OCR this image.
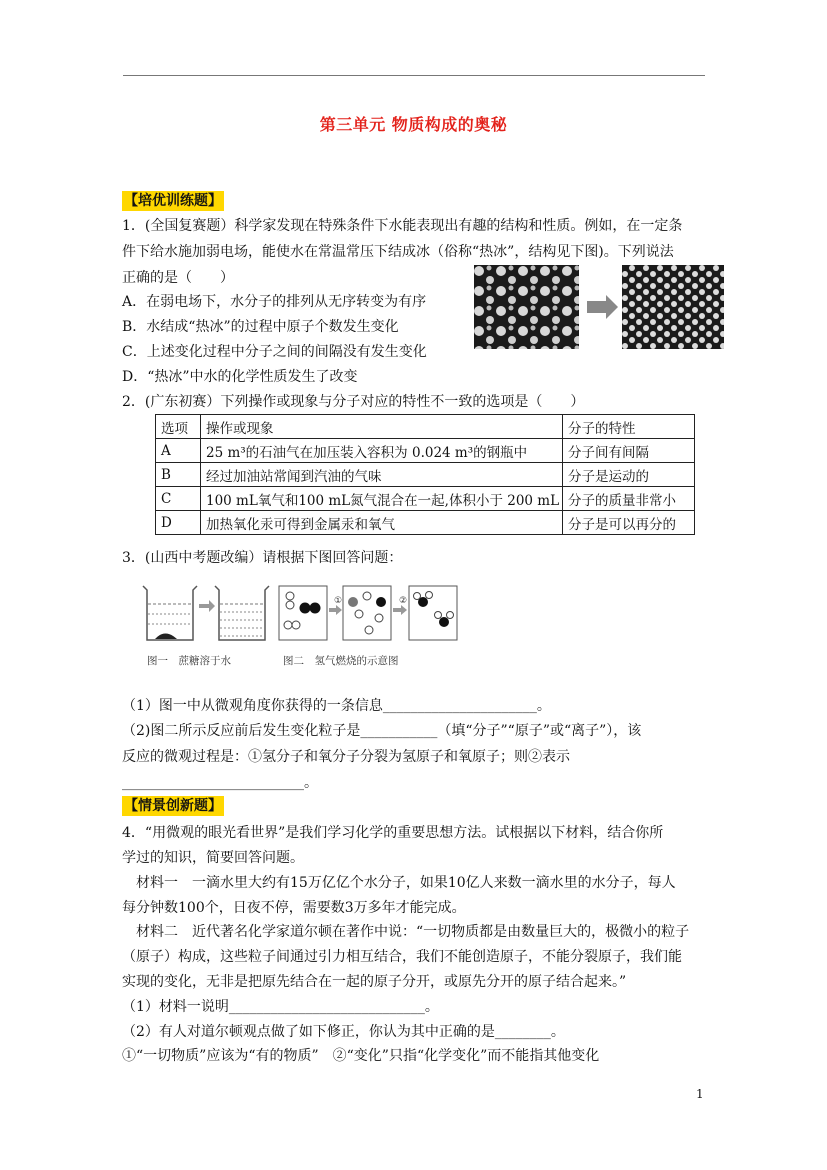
第三单元 物质构成的奥秘
【培优训练题】
1．(全国复赛题）科学家发现在特殊条件下水能表现出有趣的结构和性质。例如，在一定条
件下给水施加弱电场，能使水在常温常压下结成冰（俗称“热冰”，结构见下图)。下列说法
正确的是（　　）
A．在弱电场下，水分子的排列从无序转变为有序
B．水结成“热冰”的过程中原子个数发生变化
C．上述变化过程中分子之间的间隔没有发生变化
D．“热冰”中水的化学性质发生了改变
2．(广东初赛）下列操作或现象与分子对应的特性不一致的选项是（　　）
选项	操作或现象	分子的特性
A	25 m³的石油气在加压装入容积为 0.024 m³的钢瓶中	分子间有间隔
B	经过加油站常闻到汽油的气味	分子是运动的
C	100 mL氧气和100 mL氮气混合在一起,体积小于 200 mL	分子的质量非常小
D	加热氧化汞可得到金属汞和氧气	分子是可以再分的
3．(山西中考题改编）请根据下图回答问题：
①	②
图一　蔗糖溶于水	图二　氢气燃烧的示意图
（1）图一中从微观角度你获得的一条信息______________________。
（2)图二所示反应前后发生变化粒子是___________（填“分子”“原子”或“离子”），该
反应的微观过程是：①氢分子和氧分子分裂为氢原子和氧原子；则②表示
__________________________。
【情景创新题】
4．“用微观的眼光看世界”是我们学习化学的重要思想方法。试根据以下材料，结合你所
学过的知识，简要回答问题。
　材料一　一滴水里大约有15万亿亿个水分子，如果10亿人来数一滴水里的水分子，每人
每分钟数100个，日夜不停，需要数3万多年才能完成。
　材料二　近代著名化学家道尔顿在著作中说：“一切物质都是由数量巨大的，极微小的粒子
（原子）构成，这些粒子间通过引力相互结合，我们不能创造原子，不能分裂原子，我们能
实现的变化，无非是把原先结合在一起的原子分开，或原先分开的原子结合起来。”
（1）材料一说明____________________________。
（2）有人对道尔顿观点做了如下修正，你认为其中正确的是________。
①“一切物质”应该为“有的物质”　②“变化”只指“化学变化”而不能指其他变化
1
